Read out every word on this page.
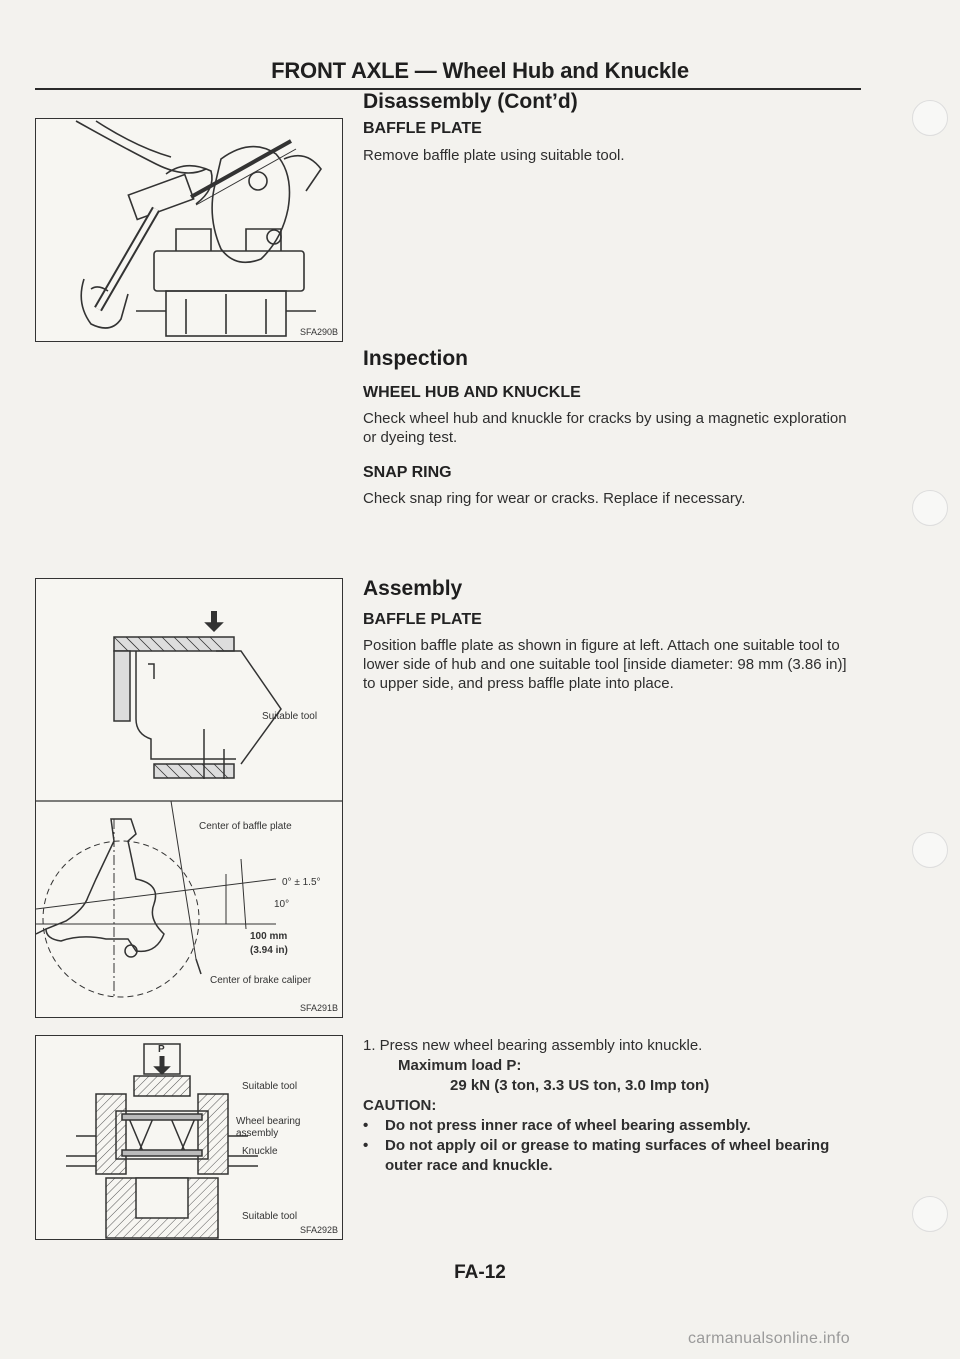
FRONT AXLE — Wheel Hub and Knuckle
SFA290B
Suitable tool
Center of baffle plate
0° ± 1.5°
10°
100 mm
(3.94 in)
Center of brake caliper
SFA291B
P
Suitable tool
Wheel bearing
assembly
Knuckle
Suitable tool
SFA292B
Disassembly (Cont’d)
BAFFLE PLATE
Remove baffle plate using suitable tool.
Inspection
WHEEL HUB AND KNUCKLE
Check wheel hub and knuckle for cracks by using a magnetic exploration or dyeing test.
SNAP RING
Check snap ring for wear or cracks. Replace if necessary.
Assembly
BAFFLE PLATE
Position baffle plate as shown in figure at left. Attach one suitable tool to lower side of hub and one suitable tool [inside diameter: 98 mm (3.86 in)] to upper side, and press baffle plate into place.
1. Press new wheel bearing assembly into knuckle.
Maximum load P:
29 kN (3 ton, 3.3 US ton, 3.0 Imp ton)
CAUTION:
• Do not press inner race of wheel bearing assembly.
•	Do not apply oil or grease to mating surfaces of wheel bearing outer race and knuckle.
FA-12
carmanualsonline.info
